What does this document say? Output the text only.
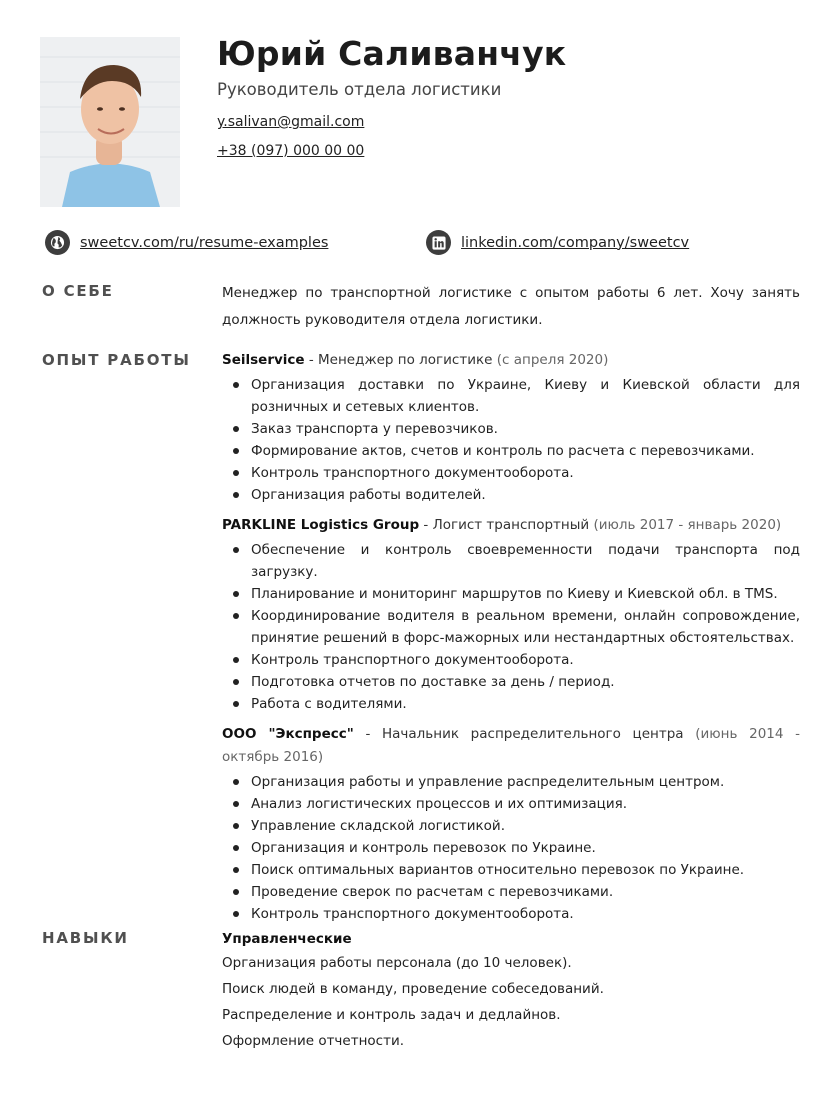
Юрий Саливанчук

Руководитель отдела логистики

y.salivan@gmail.com
+38 (097) 000 00 00
sweetcv.com/ru/resume-examples	linkedin.com/company/sweetcv
О СЕБЕ	Менеджер по транспортной логистике с опытом работы 6 лет. Хочу занять должность руководителя отдела логистики.

ОПЫТ РАБОТЫ Seilservice - Менеджер по логистике (с апреля 2020)

Организация доставки по Украине, Киеву и Киевской области для розничных и сетевых клиентов.
Заказ транспорта у перевозчиков.
Формирование актов, счетов и контроль по расчета с перевозчиками.
Контроль транспортного документооборота.
Организация работы водителей.

PARKLINE Logistics Group - Логист транспортный (июль 2017 - январь 2020)

Обеспечение и контроль своевременности подачи транспорта под загрузку.
Планирование и мониторинг маршрутов по Киеву и Киевской обл. в TMS.
Координирование водителя в реальном времени, онлайн сопровождение, принятие решений в форс-мажорных или нестандартных обстоятельствах.
Контроль транспортного документооборота.
Подготовка отчетов по доставке за день / период.
Работа с водителями.

ООО "Экспресс" - Начальник распределительного центра (июнь 2014 - октябрь 2016)

Организация работы и управление распределительным центром.
Анализ логистических процессов и их оптимизация.
Управление складской логистикой.
Организация и контроль перевозок по Украине.
Поиск оптимальных вариантов относительно перевозок по Украине.
Проведение сверок по расчетам с перевозчиками.
Контроль транспортного документооборота.
НАВЫКИ	Управленческие

Организация работы персонала (до 10 человек).

Поиск людей в команду, проведение собеседований.

Распределение и контроль задач и дедлайнов.

Оформление отчетности.
